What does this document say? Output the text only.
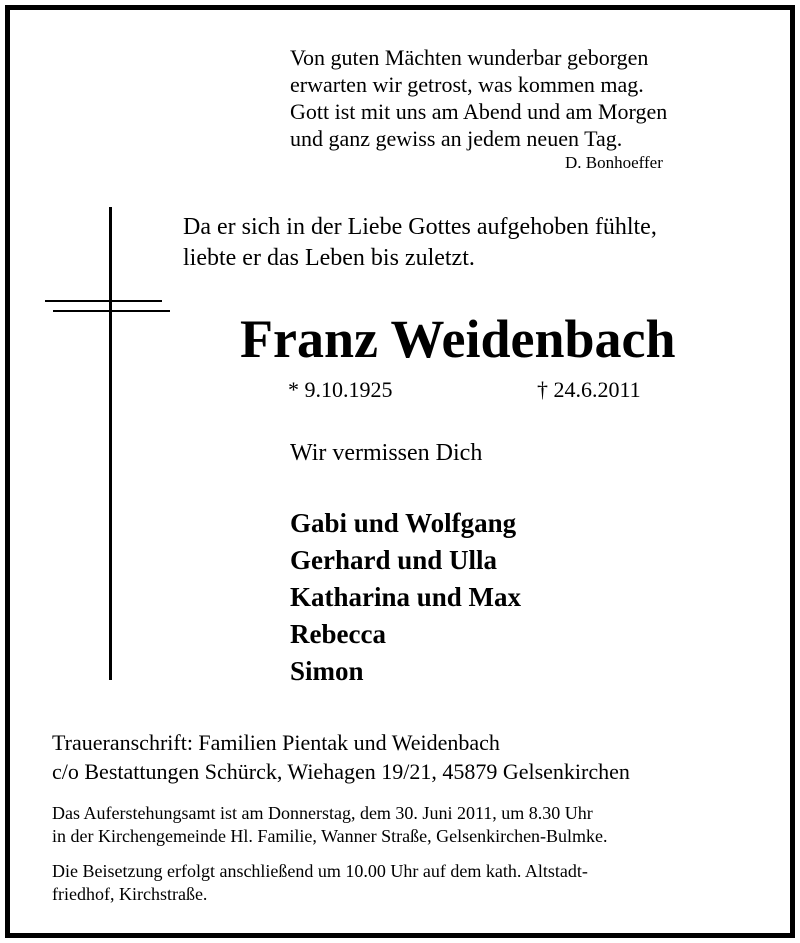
Von guten Mächten wunderbar geborgen
erwarten wir getrost, was kommen mag.
Gott ist mit uns am Abend und am Morgen
und ganz gewiss an jedem neuen Tag.
D. Bonhoeffer
Da er sich in der Liebe Gottes aufgehoben fühlte,
liebte er das Leben bis zuletzt.
Franz Weidenbach
* 9.10.1925	† 24.6.2011
Wir vermissen Dich
Gabi und Wolfgang
Gerhard und Ulla
Katharina und Max
Rebecca
Simon
Traueranschrift: Familien Pientak und Weidenbach
c/o Bestattungen Schürck, Wiehagen 19/21, 45879 Gelsenkirchen
Das Auferstehungsamt ist am Donnerstag, dem 30. Juni 2011, um 8.30 Uhr
in der Kirchengemeinde Hl. Familie, Wanner Straße, Gelsenkirchen-Bulmke.
Die Beisetzung erfolgt anschließend um 10.00 Uhr auf dem kath. Altstadt-
friedhof, Kirchstraße.
